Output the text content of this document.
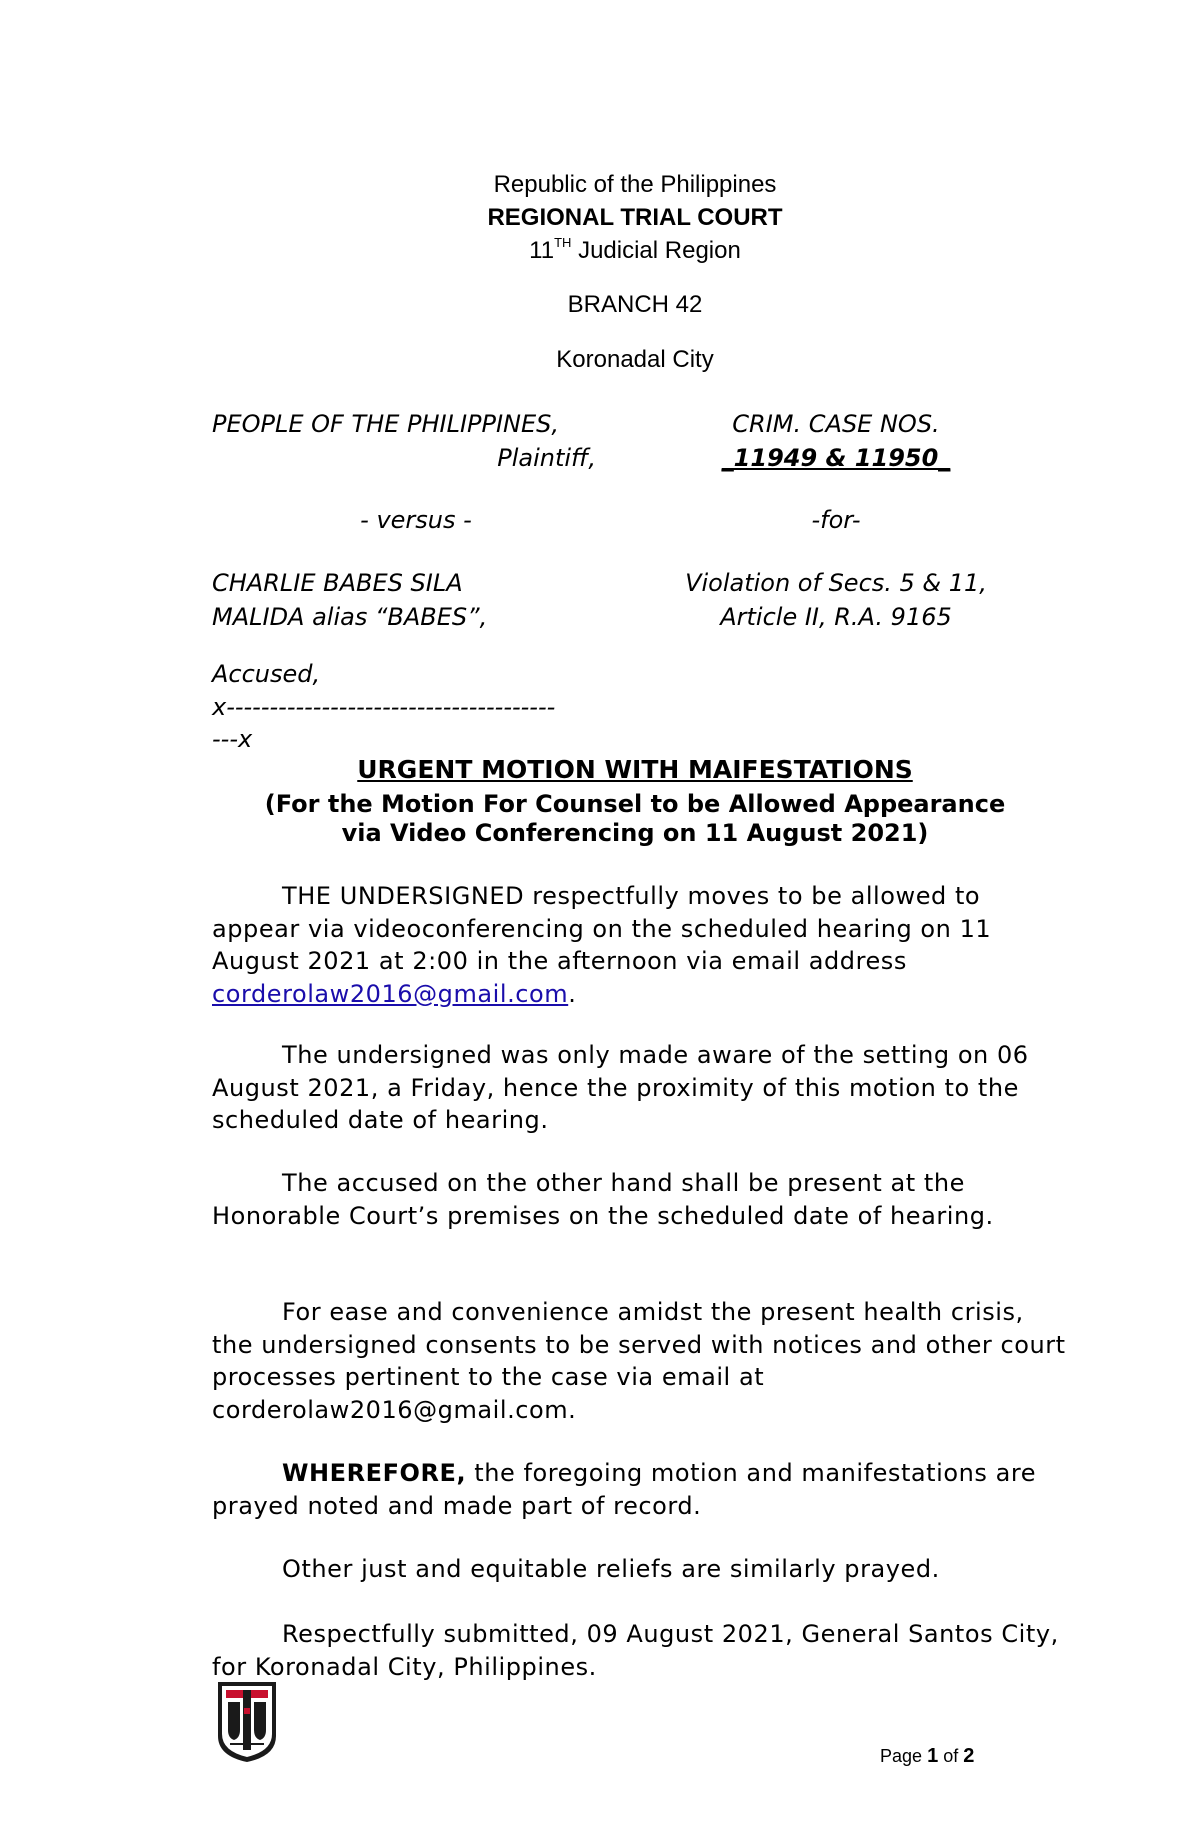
Republic of the Philippines
REGIONAL TRIAL COURT
11TH Judicial Region
BRANCH 42
Koronadal City
PEOPLE OF THE PHILIPPINES,
Plaintiff,
- versus -
CHARLIE BABES SILA
MALIDA alias “BABES”,
Accused,
x--------------------------------------
---x
CRIM. CASE NOS.
_11949 & 11950_
-for-
Violation of Secs. 5 & 11,
Article II, R.A. 9165
URGENT MOTION WITH MAIFESTATIONS
(For the Motion For Counsel to be Allowed Appearance
via Video Conferencing on 11 August 2021)
THE UNDERSIGNED respectfully moves to be allowed to appear via videoconferencing on the scheduled hearing on 11 August 2021 at 2:00 in the afternoon via email address corderolaw2016@gmail.com.
The undersigned was only made aware of the setting on 06 August 2021, a Friday, hence the proximity of this motion to the scheduled date of hearing.
The accused on the other hand shall be present at the Honorable Court’s premises on the scheduled date of hearing.
For ease and convenience amidst the present health crisis, the undersigned consents to be served with notices and other court processes pertinent to the case via email at corderolaw2016@gmail.com.
WHEREFORE, the foregoing motion and manifestations are prayed noted and made part of record.
Other just and equitable reliefs are similarly prayed.
Respectfully submitted, 09 August 2021, General Santos City, for Koronadal City, Philippines.
Page 1 of 2
